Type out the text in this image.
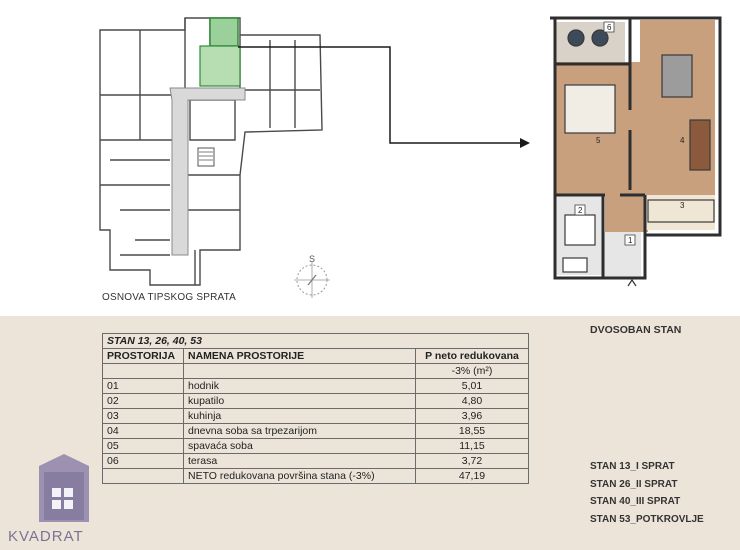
S
1
2
3
4
5
6
OSNOVA TIPSKOG SPRATA
STAN 13, 26, 40, 53		
PROSTORIJA	NAMENA PROSTORIJE	P neto redukovana
		-3% (m²)
01	hodnik	5,01
02	kupatilo	4,80
03	kuhinja	3,96
04	dnevna soba sa trpezarijom	18,55
05	spavaća soba	11,15
06	terasa	3,72
	NETO redukovana površina stana (-3%)	47,19
DVOSOBAN STAN
STAN 13_I SPRAT
STAN 26_II SPRAT
STAN 40_III SPRAT
STAN 53_POTKROVLJE
KVADRAT
